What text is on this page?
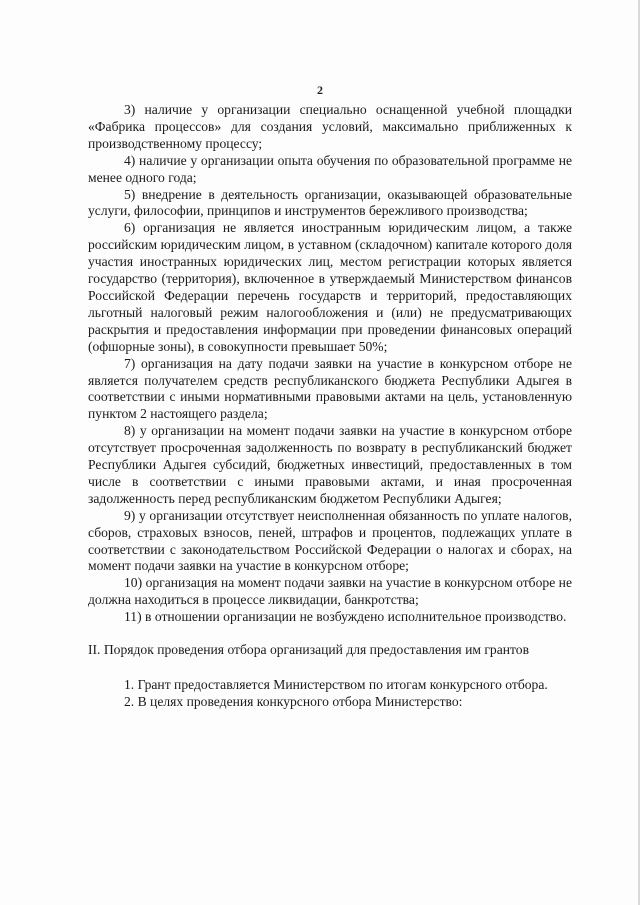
2

3) наличие у организации специально оснащенной учебной площадки «Фабрика процессов» для создания условий, максимально приближенных к производственному процессу;

4) наличие у организации опыта обучения по образовательной программе не менее одного года;

5) внедрение в деятельность организации, оказывающей образовательные услуги, философии, принципов и инструментов бережливого производства;

6) организация не является иностранным юридическим лицом, а также российским юридическим лицом, в уставном (складочном) капитале которого доля участия иностранных юридических лиц, местом регистрации которых является государство (территория), включенное в утверждаемый Министерством финансов Российской Федерации перечень государств и территорий, предоставляющих льготный налоговый режим налогообложения и (или) не предусматривающих раскрытия и предоставления информации при проведении финансовых операций (офшорные зоны), в совокупности превышает 50%;

7) организация на дату подачи заявки на участие в конкурсном отборе не является получателем средств республиканского бюджета Республики Адыгея в соответствии с иными нормативными правовыми актами на цель, установленную пунктом 2 настоящего раздела;

8) у организации на момент подачи заявки на участие в конкурсном отборе отсутствует просроченная задолженность по возврату в республиканский бюджет Республики Адыгея субсидий, бюджетных инвестиций, предоставленных в том числе в соответствии с иными правовыми актами, и иная просроченная задолженность перед республиканским бюджетом Республики Адыгея;

9) у организации отсутствует неисполненная обязанность по уплате налогов, сборов, страховых взносов, пеней, штрафов и процентов, подлежащих уплате в соответствии с законодательством Российской Федерации о налогах и сборах, на момент подачи заявки на участие в конкурсном отборе;

10) организация на момент подачи заявки на участие в конкурсном отборе не должна находиться в процессе ликвидации, банкротства;

11) в отношении организации не возбуждено исполнительное производство.

II. Порядок проведения отбора организаций для предоставления им грантов

1. Грант предоставляется Министерством по итогам конкурсного отбора.

2. В целях проведения конкурсного отбора Министерство:
